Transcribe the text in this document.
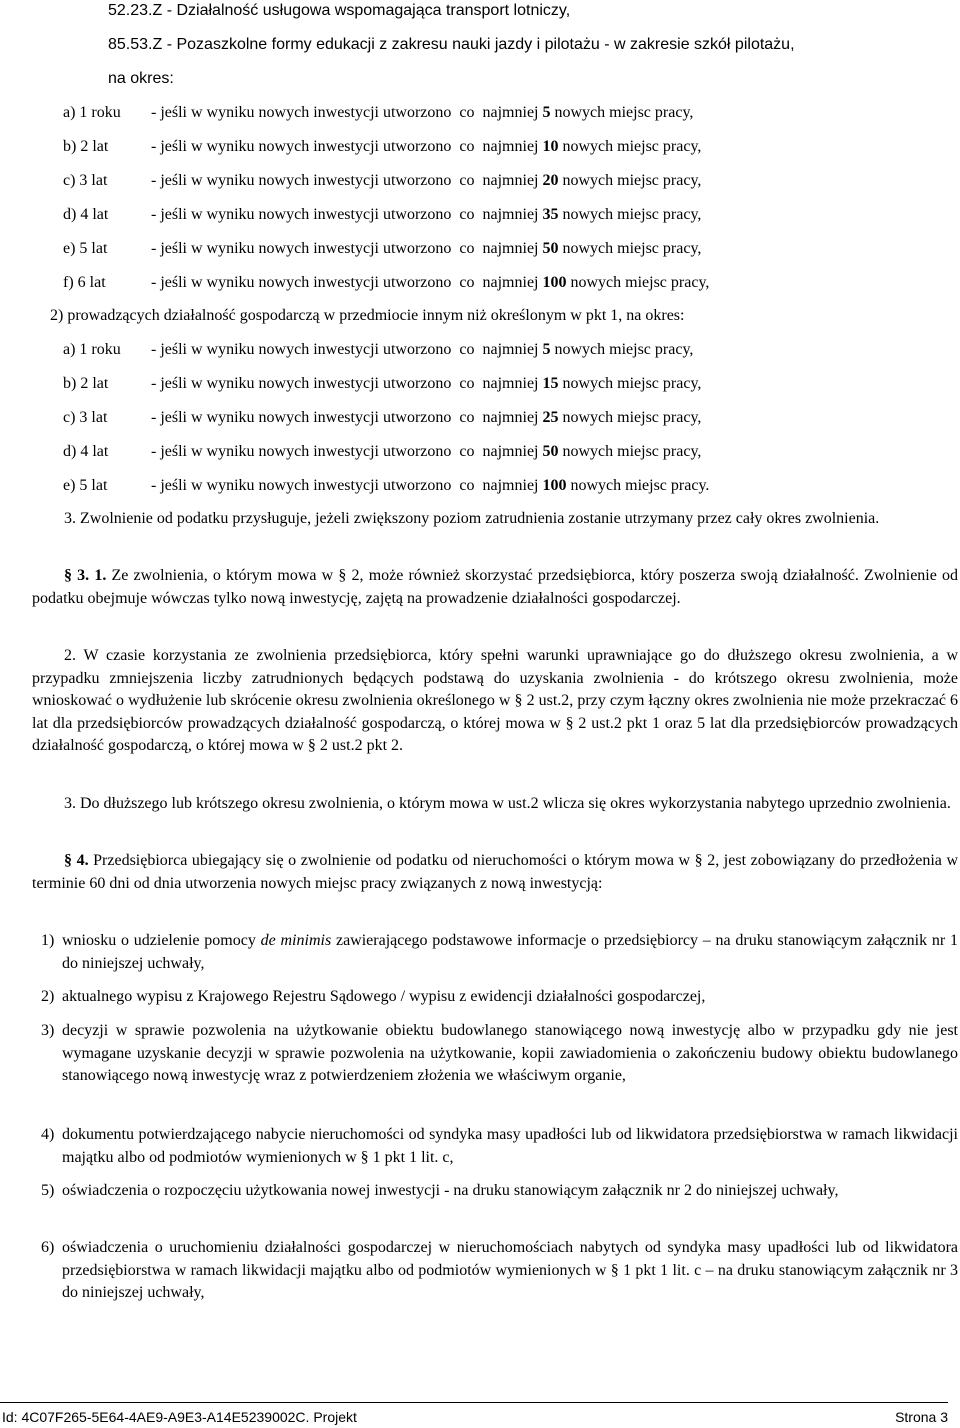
52.23.Z - Działalność usługowa wspomagająca transport lotniczy,
85.53.Z - Pozaszkolne formy edukacji z zakresu nauki jazdy i pilotażu - w zakresie szkół pilotażu,
na okres:
a) 1 roku - jeśli w wyniku nowych inwestycji utworzono  co  najmniej 5 nowych miejsc pracy,
b) 2 lat	- jeśli w wyniku nowych inwestycji utworzono  co  najmniej 10 nowych miejsc pracy,
c) 3 lat	- jeśli w wyniku nowych inwestycji utworzono  co  najmniej 20 nowych miejsc pracy,
d) 4 lat	- jeśli w wyniku nowych inwestycji utworzono  co  najmniej 35 nowych miejsc pracy,
e) 5 lat	- jeśli w wyniku nowych inwestycji utworzono  co  najmniej 50 nowych miejsc pracy,
f) 6 lat	- jeśli w wyniku nowych inwestycji utworzono  co  najmniej 100 nowych miejsc pracy,
2) prowadzących działalność gospodarczą w przedmiocie innym niż określonym w pkt 1, na okres:
a) 1 roku - jeśli w wyniku nowych inwestycji utworzono  co  najmniej 5 nowych miejsc pracy,
b) 2 lat	- jeśli w wyniku nowych inwestycji utworzono  co  najmniej 15 nowych miejsc pracy,
c) 3 lat	- jeśli w wyniku nowych inwestycji utworzono  co  najmniej 25 nowych miejsc pracy,
d) 4 lat	- jeśli w wyniku nowych inwestycji utworzono  co  najmniej 50 nowych miejsc pracy,
e) 5 lat	- jeśli w wyniku nowych inwestycji utworzono  co  najmniej 100 nowych miejsc pracy.
3. Zwolnienie od podatku przysługuje, jeżeli zwiększony poziom zatrudnienia zostanie utrzymany przez cały okres zwolnienia.
§ 3. 1. Ze zwolnienia, o którym mowa w § 2, może również skorzystać przedsiębiorca, który poszerza swoją działalność. Zwolnienie od podatku obejmuje wówczas tylko nową inwestycję, zajętą na prowadzenie działalności gospodarczej.
2. W czasie korzystania ze zwolnienia przedsiębiorca, który spełni warunki uprawniające go do dłuższego okresu zwolnienia, a w przypadku zmniejszenia liczby zatrudnionych będących podstawą do uzyskania zwolnienia - do krótszego okresu zwolnienia, może wnioskować o wydłużenie lub skrócenie okresu zwolnienia określonego w § 2 ust.2, przy czym łączny okres zwolnienia nie może przekraczać 6 lat dla przedsiębiorców prowadzących działalność gospodarczą, o której mowa w § 2 ust.2 pkt 1 oraz 5 lat dla przedsiębiorców prowadzących działalność gospodarczą, o której mowa w § 2 ust.2 pkt 2.
3. Do dłuższego lub krótszego okresu zwolnienia, o którym mowa w ust.2 wlicza się okres wykorzystania nabytego uprzednio zwolnienia.
§ 4. Przedsiębiorca ubiegający się o zwolnienie od podatku od nieruchomości o którym mowa w § 2, jest zobowiązany do przedłożenia w terminie 60 dni od dnia utworzenia nowych miejsc pracy związanych z nową inwestycją:
1) wniosku o udzielenie pomocy de minimis zawierającego podstawowe informacje o przedsiębiorcy – na druku stanowiącym załącznik nr 1 do niniejszej uchwały,
2) aktualnego wypisu z Krajowego Rejestru Sądowego / wypisu z ewidencji działalności gospodarczej,
3) decyzji w sprawie pozwolenia na użytkowanie obiektu budowlanego stanowiącego nową inwestycję albo w przypadku gdy nie jest wymagane uzyskanie decyzji w sprawie pozwolenia na użytkowanie, kopii zawiadomienia o zakończeniu budowy obiektu budowlanego stanowiącego nową inwestycję wraz z potwierdzeniem złożenia we właściwym organie,
4) dokumentu potwierdzającego nabycie nieruchomości od syndyka masy upadłości lub od likwidatora przedsiębiorstwa w ramach likwidacji majątku albo od podmiotów wymienionych w § 1 pkt 1 lit. c,
5) oświadczenia o rozpoczęciu użytkowania nowej inwestycji - na druku stanowiącym załącznik nr 2 do niniejszej uchwały,
6) oświadczenia o uruchomieniu działalności gospodarczej w nieruchomościach nabytych od syndyka masy upadłości lub od likwidatora przedsiębiorstwa w ramach likwidacji majątku albo od podmiotów wymienionych w § 1 pkt 1 lit. c – na druku stanowiącym załącznik nr 3 do niniejszej uchwały,
Id: 4C07F265-5E64-4AE9-A9E3-A14E5239002C. Projekt	Strona 3
